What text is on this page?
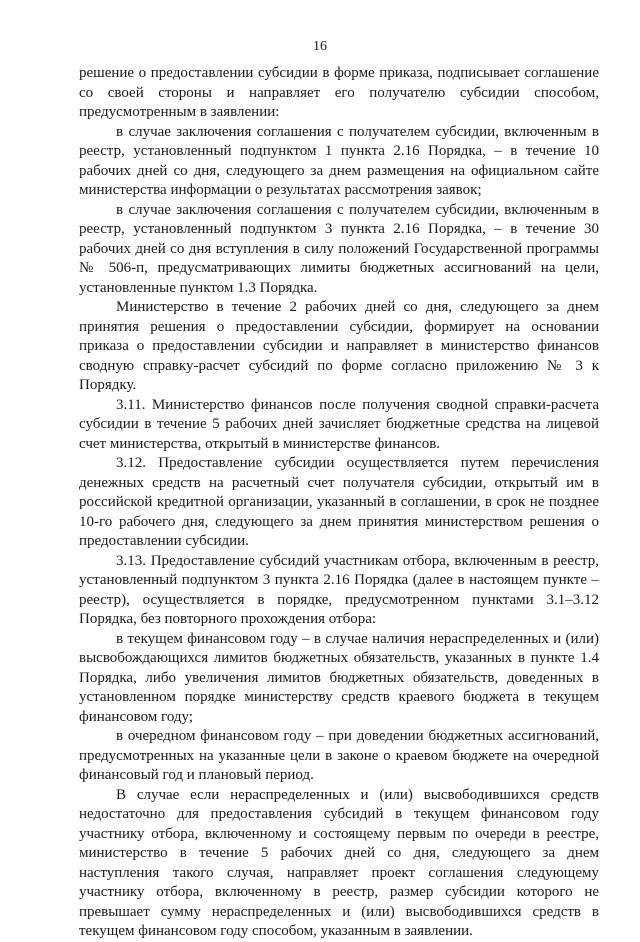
16

решение о предоставлении субсидии в форме приказа, подписывает соглашение со своей стороны и направляет его получателю субсидии способом, предусмотренным в заявлении:

в случае заключения соглашения с получателем субсидии, включенным в реестр, установленный подпунктом 1 пункта 2.16 Порядка, – в течение 10 рабочих дней со дня, следующего за днем размещения на официальном сайте министерства информации о результатах рассмотрения заявок;

в случае заключения соглашения с получателем субсидии, включенным в реестр, установленный подпунктом 3 пункта 2.16 Порядка, – в течение 30 рабочих дней со дня вступления в силу положений Государственной программы № 506-п, предусматривающих лимиты бюджетных ассигнований на цели, установленные пунктом 1.3 Порядка.

Министерство в течение 2 рабочих дней со дня, следующего за днем принятия решения о предоставлении субсидии, формирует на основании приказа о предоставлении субсидии и направляет в министерство финансов сводную справку-расчет субсидий по форме согласно приложению № 3 к Порядку.

3.11. Министерство финансов после получения сводной справки-расчета субсидии в течение 5 рабочих дней зачисляет бюджетные средства на лицевой счет министерства, открытый в министерстве финансов.

3.12. Предоставление субсидии осуществляется путем перечисления денежных средств на расчетный счет получателя субсидии, открытый им в российской кредитной организации, указанный в соглашении, в срок не позднее 10-го рабочего дня, следующего за днем принятия министерством решения о предоставлении субсидии.

3.13. Предоставление субсидий участникам отбора, включенным в реестр, установленный подпунктом 3 пункта 2.16 Порядка (далее в настоящем пункте – реестр), осуществляется в порядке, предусмотренном пунктами 3.1–3.12 Порядка, без повторного прохождения отбора:

в текущем финансовом году – в случае наличия нераспределенных и (или) высвобождающихся лимитов бюджетных обязательств, указанных в пункте 1.4 Порядка, либо увеличения лимитов бюджетных обязательств, доведенных в установленном порядке министерству средств краевого бюджета в текущем финансовом году;

в очередном финансовом году – при доведении бюджетных ассигнований, предусмотренных на указанные цели в законе о краевом бюджете на очередной финансовый год и плановый период.

В случае если нераспределенных и (или) высвободившихся средств недостаточно для предоставления субсидий в текущем финансовом году участнику отбора, включенному и состоящему первым по очереди в реестре, министерство в течение 5 рабочих дней со дня, следующего за днем наступления такого случая, направляет проект соглашения следующему участнику отбора, включенному в реестр, размер субсидии которого не превышает сумму нераспределенных и (или) высвободившихся средств в текущем финансовом году способом, указанным в заявлении.
